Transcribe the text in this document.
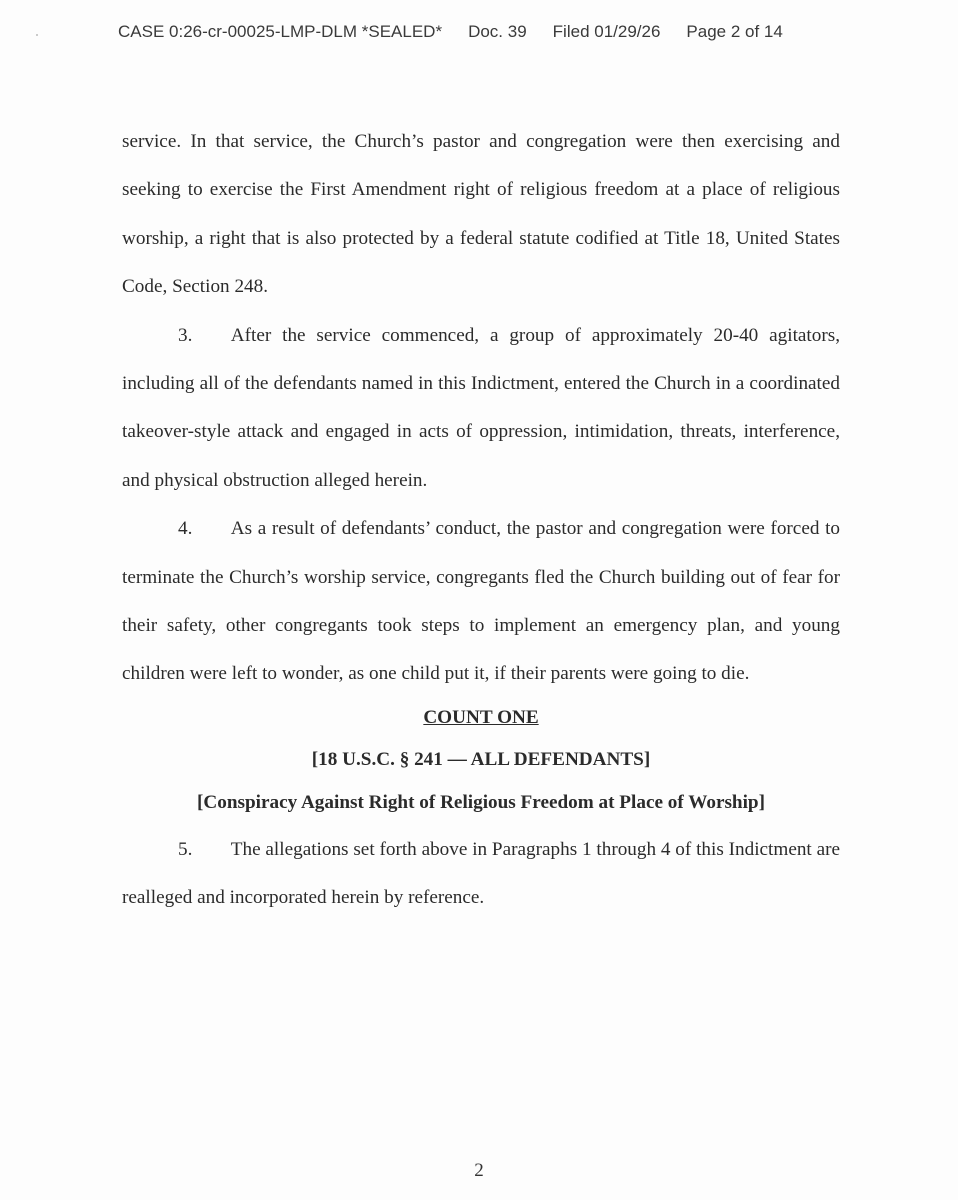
CASE 0:26-cr-00025-LMP-DLM *SEALED* Doc. 39 Filed 01/29/26 Page 2 of 14

service. In that service, the Church’s pastor and congregation were then exercising and seeking to exercise the First Amendment right of religious freedom at a place of religious worship, a right that is also protected by a federal statute codified at Title 18, United States Code, Section 248.

3.  After the service commenced, a group of approximately 20-40 agitators, including all of the defendants named in this Indictment, entered the Church in a coordinated takeover-style attack and engaged in acts of oppression, intimidation, threats, interference, and physical obstruction alleged herein.

4.  As a result of defendants’ conduct, the pastor and congregation were forced to terminate the Church’s worship service, congregants fled the Church building out of fear for their safety, other congregants took steps to implement an emergency plan, and young children were left to wonder, as one child put it, if their parents were going to die.

COUNT ONE

[18 U.S.C. § 241 — ALL DEFENDANTS]

[Conspiracy Against Right of Religious Freedom at Place of Worship]

5.  The allegations set forth above in Paragraphs 1 through 4 of this Indictment are realleged and incorporated herein by reference.

2
